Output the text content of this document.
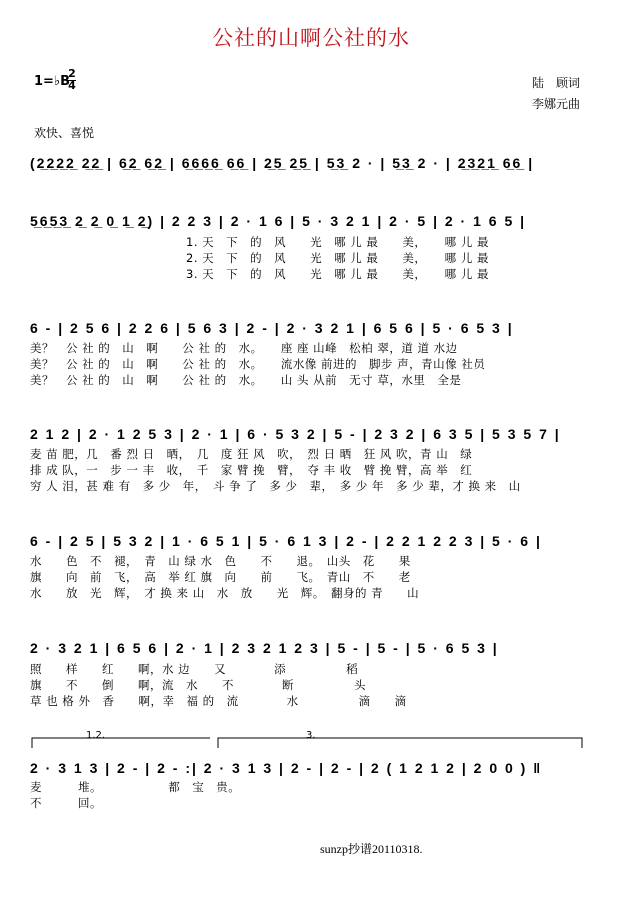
公社的山啊公社的水
1=♭B
2
4	陆　顾词
李娜元曲
欢快、喜悦
(2̲2̲2̲2̲ 2̲2̲ | 6̲2̲ 6̲2̲ | 6̲6̲6̲6̲ 6̲6̲ | 2̲5̲ 2̲5̲ | 5̲3̲ 2 · | 5̲3̲ 2 · | 2̲3̲2̲1̲ 6̲6̲ |
5̲6̲5̲3̲ 2̲ 2̲ 0̲ 1̲ 2̲) | 2 2 3 | 2 · 1 6 | 5 · 3 2 1 | 2 · 5 | 2 · 1 6 5 |
1. 天　下　的　风　　光　哪 儿 最　　美，　　哪 儿 最
2. 天　下　的　风　　光　哪 儿 最　　美，　　哪 儿 最
3. 天　下　的　风　　光　哪 儿 最　　美，　　哪 儿 最
6 - | 2 5 6 | 2 2 6 | 5 6 3 | 2 - | 2 · 3 2 1 | 6 5 6 | 5 · 6 5 3 |
美？　公 社 的　山　啊　　公 社 的　水。　　座 座 山峰　松柏 翠，道 道 水边
美？　公 社 的　山　啊　　公 社 的　水。　　流水像 前进的　脚步 声，青山像 社员
美？　公 社 的　山　啊　　公 社 的　水。　　山 头 从前　无寸 草，水里　全是
2 1 2 | 2 · 1 2 5 3 | 2 · 1 | 6 · 5 3 2 | 5 - | 2 3 2 | 6 3 5 | 5 3 5 7 |
麦 苗 肥，几　番 烈 日　晒，　几　度 狂 风　吹，　烈 日 晒　狂 风 吹，青 山　绿
排 成 队，一　步 一 丰　收，　千　家 臂 挽　臂，　夺 丰 收　臂 挽 臂，高 举　红
穷 人 泪，甚 难 有　多 少　年，　斗 争 了　多 少　辈，　多 少 年　多 少 辈，才 换 来　山
6 - | 2 5 | 5 3 2 | 1 · 6 5 1 | 5 · 6 1 3 | 2 - | 2 2 1 2 2 3 | 5 · 6 |
水　　色　不　褪，　青　山 绿 水　色　　不　　退。　山头　花　　果
旗　　向　前　飞，　高　举 红 旗　向　　前　　飞。　青山　不　　老
水　　放　光　辉，　才 换 来 山　水　放　　光　辉。　翻身的 青　　山
2 · 3 2 1 | 6 5 6 | 2 · 1 | 2 3 2 1 2 3 | 5 - | 5 - | 5 · 6 5 3 |
照　　样　　红　　啊，水 边　　又　　　　添　　　　　稻
旗　　不　　倒　　啊，流　水　　不　　　　断　　　　　头
草 也 格 外　香　　啊，幸　福 的　流　　　　水　　　　　滴　　滴
1.2.	3.
2 · 3 1 3 | 2 - | 2 - :| 2 · 3 1 3 | 2 - | 2 - | 2 ( 1 2 1 2 | 2 0 0 ) ‖
麦　　　堆。　　　　　　都　宝　贵。
不　　　回。
sunzp抄谱20110318.
